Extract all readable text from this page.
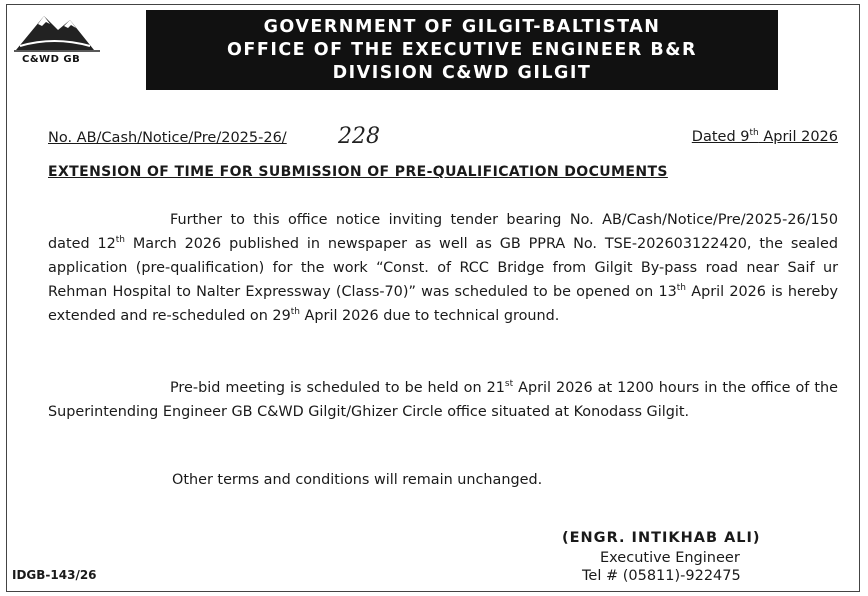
C&WD GB
GOVERNMENT OF GILGIT-BALTISTAN
OFFICE OF THE EXECUTIVE ENGINEER B&R
DIVISION C&WD GILGIT
No. AB/Cash/Notice/Pre/2025-26/ 228	Dated 9th April 2026
EXTENSION OF TIME FOR SUBMISSION OF PRE-QUALIFICATION DOCUMENTS
Further to this office notice inviting tender bearing No. AB/Cash/Notice/Pre/2025-26/150 dated 12th March 2026 published in newspaper as well as GB PPRA No. TSE-202603122420, the sealed application (pre-qualification) for the work “Const. of RCC Bridge from Gilgit By-pass road near Saif ur Rehman Hospital to Nalter Expressway (Class-70)” was scheduled to be opened on 13th April 2026 is hereby extended and re-scheduled on 29th April 2026 due to technical ground.
Pre-bid meeting is scheduled to be held on 21st April 2026 at 1200 hours in the office of the Superintending Engineer GB C&WD Gilgit/Ghizer Circle office situated at Konodass Gilgit.
Other terms and conditions will remain unchanged.
(ENGR. INTIKHAB ALI)
Executive Engineer
Tel # (05811)-922475
IDGB-143/26
